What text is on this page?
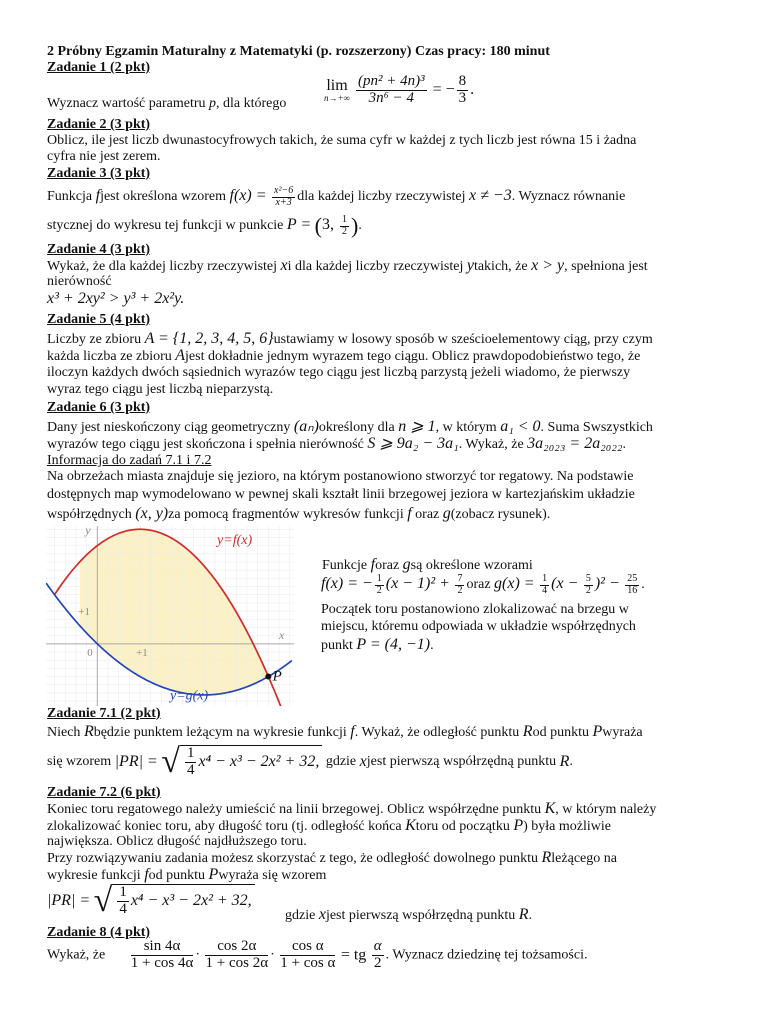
2 Próbny Egzamin Maturalny z Matematyki (p. rozszerzony) Czas pracy: 180 minut
Zadanie 1 (2 pkt)
Wyznacz wartość parametru p, dla którego
lim
n→+∞
$\frac{\text{(pn² + 4n)³}}{\text{3n⁶ − 4}}$ = − $\frac{8}{3}$ .
Zadanie 2 (3 pkt)
Oblicz, ile jest liczb dwunastocyfrowych takich, że suma cyfr w każdej z tych liczb jest równa 15 i żadna
cyfra nie jest zerem.
Zadanie 3 (3 pkt)
Funkcja fjest określona wzorem $f(x) = \frac{\text{x²−6}}{x+3}$ dla każdej liczby rzeczywistej x ≠ −3. Wyznacz równanie
stycznej do wykresu tej funkcji w punkcie P = (3, $\frac{1}{2}$ ).
Zadanie 4 (3 pkt)
Wykaż, że dla każdej liczby rzeczywistej xi dla każdej liczby rzeczywistej ytakich, że x > y, spełniona jest
nierówność
x³ + 2xy² > y³ + 2x²y.
Zadanie 5 (4 pkt)
Liczby ze zbioru A = {1, 2, 3, 4, 5, 6}ustawiamy w losowy sposób w sześcioelementowy ciąg, przy czym
każda liczba ze zbioru Ajest dokładnie jednym wyrazem tego ciągu. Oblicz prawdopodobieństwo tego, że
iloczyn każdych dwóch sąsiednich wyrazów tego ciągu jest liczbą parzystą jeżeli wiadomo, że pierwszy
wyraz tego ciągu jest liczbą nieparzystą.
Zadanie 6 (3 pkt)
Dany jest nieskończony ciąg geometryczny (aₙ)określony dla n ⩾ 1, w którym a₁ < 0. Suma Swszystkich
wyrazów tego ciągu jest skończona i spełnia nierówność S ⩾ 9a₂ − 3a₁. Wykaż, że 3a₂₀₂₃ = 2a₂₀₂₂.
Informacja do zadań 7.1 i 7.2
Na obrzeżach miasta znajduje się jezioro, na którym postanowiono stworzyć tor regatowy. Na podstawie
dostępnych map wymodelowano w pewnej skali kształt linii brzegowej jeziora w kartezjańskim układzie
współrzędnych (x, y)za pomocą fragmentów wykresów funkcji f oraz g(zobacz rysunek).
y=f(x)
y=g(x)
P
x
y
0	+1
+1
Funkcje foraz gsą określone wzorami
f(x) = − $\frac{1}{2} (x - 1)^2 + \frac{7}{2}$ oraz $g(x) = \frac{1}{4} (x - \frac{5}{2} )^2 - \frac{25}{16}$ .
Początek toru postanowiono zlokalizować na brzegu w
miejscu, któremu odpowiada w układzie współrzędnych
punkt P = (4, −1).
Zadanie 7.1 (2 pkt)
Niech Rbędzie punktem leżącym na wykresie funkcji f. Wykaż, że odległość punktu Rod punktu Pwyraża
się wzorem |PR| = √ $\frac{1}{4} x^4 - x^3 - 2x^2 + 32$, gdzie xjest pierwszą współrzędną punktu R.
Zadanie 7.2 (6 pkt)
Koniec toru regatowego należy umieścić na linii brzegowej. Oblicz współrzędne punktu K, w którym należy
zlokalizować koniec toru, aby długość toru (tj. odległość końca Ktoru od początku P) była możliwie
największa. Oblicz długość najdłuższego toru.
Przy rozwiązywaniu zadania możesz skorzystać z tego, że odległość dowolnego punktu Rleżącego na
wykresie funkcji fod punktu Pwyraża się wzorem
|PR| = √ $\frac{1}{4} x^4 - x^3 - 2x^2 + 32$,
gdzie xjest pierwszą współrzędną punktu R.
Zadanie 8 (4 pkt)
Wykaż, że $\frac{\sin 4\alpha}{1 + \cos 4\alpha} \cdot \frac{\cos 2\alpha}{1 + \cos 2\alpha} \cdot \frac{\text{cos α}}{\text{1 + cos α}}$ = tg $\frac{\alpha}{2}$ . Wyznacz dziedzinę tej tożsamości.
